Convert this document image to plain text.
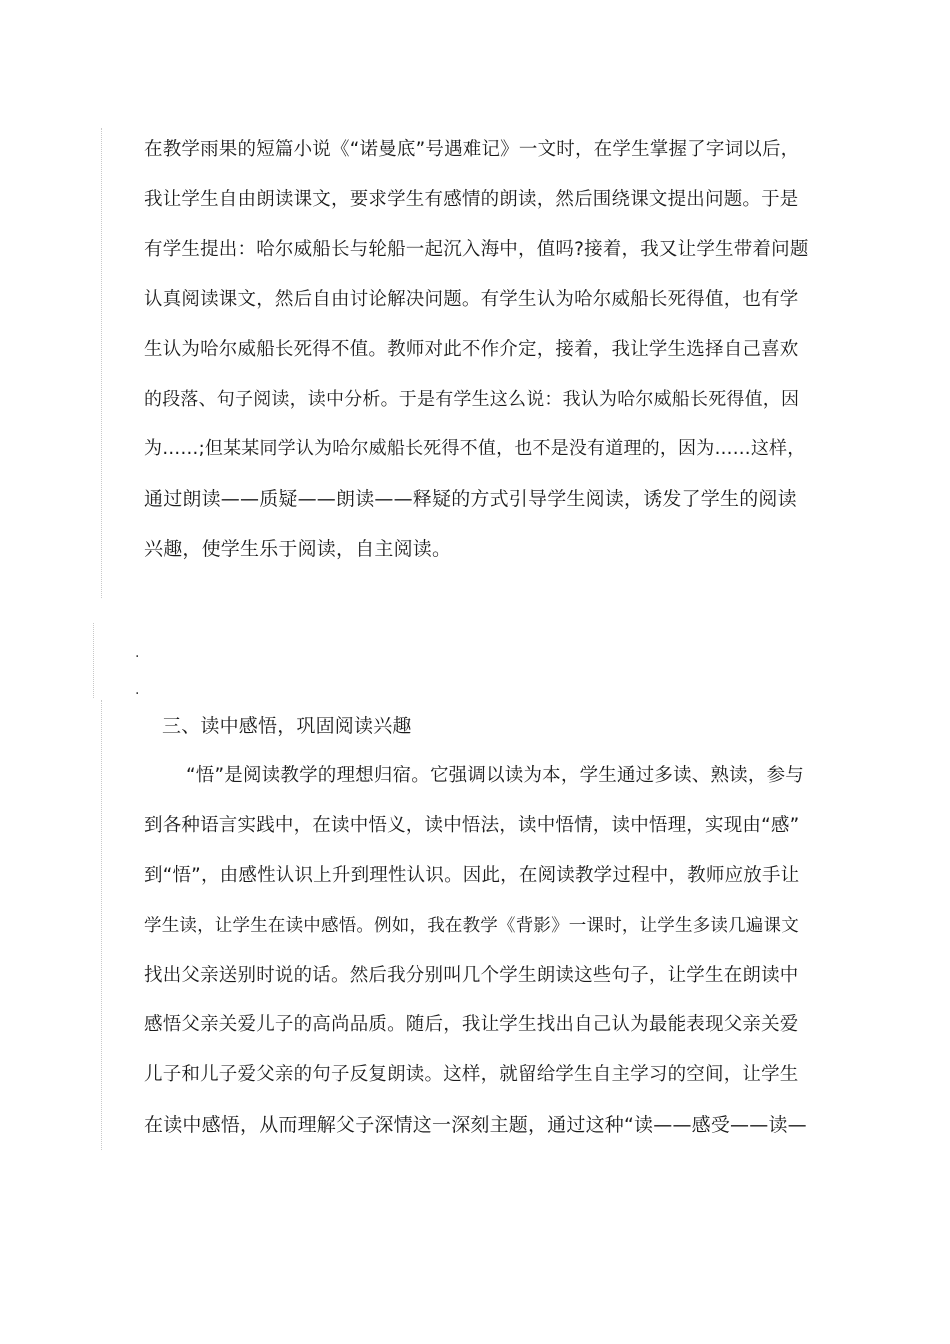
在教学雨果的短篇小说《“诺曼底”号遇难记》一文时，在学生掌握了字词以后，
我让学生自由朗读课文，要求学生有感情的朗读，然后围绕课文提出问题。于是
有学生提出：哈尔威船长与轮船一起沉入海中，值吗?接着，我又让学生带着问题
认真阅读课文，然后自由讨论解决问题。有学生认为哈尔威船长死得值，也有学
生认为哈尔威船长死得不值。教师对此不作介定，接着，我让学生选择自己喜欢
的段落、句子阅读，读中分析。于是有学生这么说：我认为哈尔威船长死得值，因
为……;但某某同学认为哈尔威船长死得不值，也不是没有道理的，因为……这样，
通过朗读——质疑——朗读——释疑的方式引导学生阅读，诱发了学生的阅读
兴趣，使学生乐于阅读，自主阅读。
.
.
三、读中感悟，巩固阅读兴趣
“悟”是阅读教学的理想归宿。它强调以读为本，学生通过多读、熟读，参与
到各种语言实践中，在读中悟义，读中悟法，读中悟情，读中悟理，实现由“感”
到“悟”，由感性认识上升到理性认识。因此，在阅读教学过程中，教师应放手让
学生读，让学生在读中感悟。例如，我在教学《背影》一课时，让学生多读几遍课文
找出父亲送别时说的话。然后我分别叫几个学生朗读这些句子，让学生在朗读中
感悟父亲关爱儿子的高尚品质。随后，我让学生找出自己认为最能表现父亲关爱
儿子和儿子爱父亲的句子反复朗读。这样，就留给学生自主学习的空间，让学生
在读中感悟，从而理解父子深情这一深刻主题，通过这种“读——感受——读—
